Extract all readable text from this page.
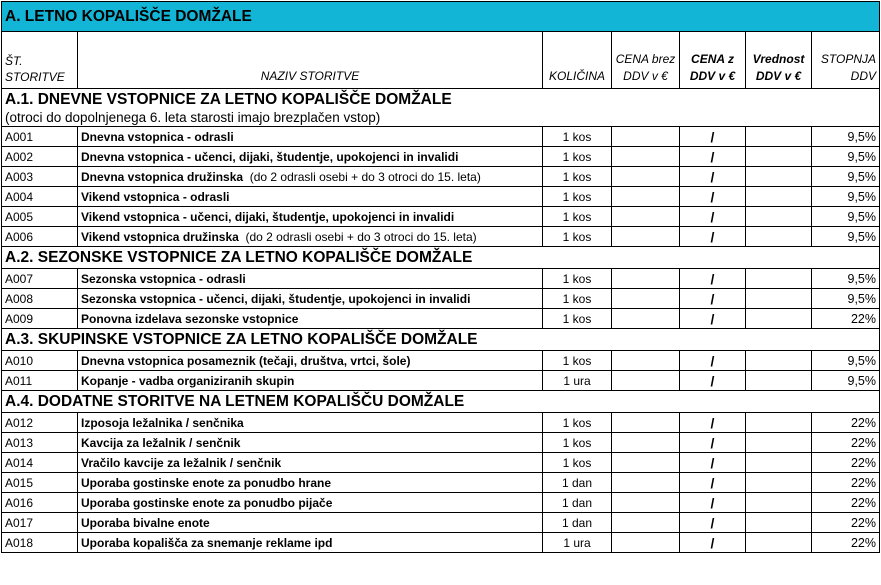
A. LETNO KOPALIŠČE DOMŽALE						

ŠT.
STORITVE	NAZIV STORITVE	KOLIČINA	CENA brez DDV v €	CENA z DDV v €	Vrednost DDV v €	STOPNJA DDV
A.1. DNEVNE VSTOPNICE ZA LETNO KOPALIŠČE DOMŽALE						
(otroci do dopolnjenega 6. leta starosti imajo brezplačen vstop)						
A001	Dnevna vstopnica - odrasli	1 kos		/		9,5%
A002	Dnevna vstopnica - učenci, dijaki, študentje, upokojenci in invalidi	1 kos		/		9,5%
A003	Dnevna vstopnica družinska  (do 2 odrasli osebi + do 3 otroci do 15. leta)	1 kos		/		9,5%
A004	Vikend vstopnica - odrasli	1 kos		/		9,5%
A005	Vikend vstopnica - učenci, dijaki, študentje, upokojenci in invalidi	1 kos		/		9,5%
A006	Vikend vstopnica družinska  (do 2 odrasli osebi + do 3 otroci do 15. leta)	1 kos		/		9,5%
A.2. SEZONSKE VSTOPNICE ZA LETNO KOPALIŠČE DOMŽALE						
A007	Sezonska vstopnica - odrasli	1 kos		/		9,5%
A008	Sezonska vstopnica - učenci, dijaki, študentje, upokojenci in invalidi	1 kos		/		9,5%
A009	Ponovna izdelava sezonske vstopnice	1 kos		/		22%
A.3. SKUPINSKE VSTOPNICE ZA LETNO KOPALIŠČE DOMŽALE						
A010	Dnevna vstopnica posameznik (tečaji, društva, vrtci, šole)	1 kos		/		9,5%
A011	Kopanje - vadba organiziranih skupin	1 ura		/		9,5%
A.4. DODATNE STORITVE NA LETNEM KOPALIŠČU DOMŽALE						
A012	Izposoja ležalnika / senčnika	1 kos		/		22%
A013	Kavcija za ležalnik / senčnik	1 kos		/		22%
A014	Vračilo kavcije za ležalnik / senčnik	1 kos		/		22%
A015	Uporaba gostinske enote za ponudbo hrane	1 dan		/		22%
A016	Uporaba gostinske enote za ponudbo pijače	1 dan		/		22%
A017	Uporaba bivalne enote	1 dan		/		22%
A018	Uporaba kopališča za snemanje reklame ipd	1 ura		/		22%
